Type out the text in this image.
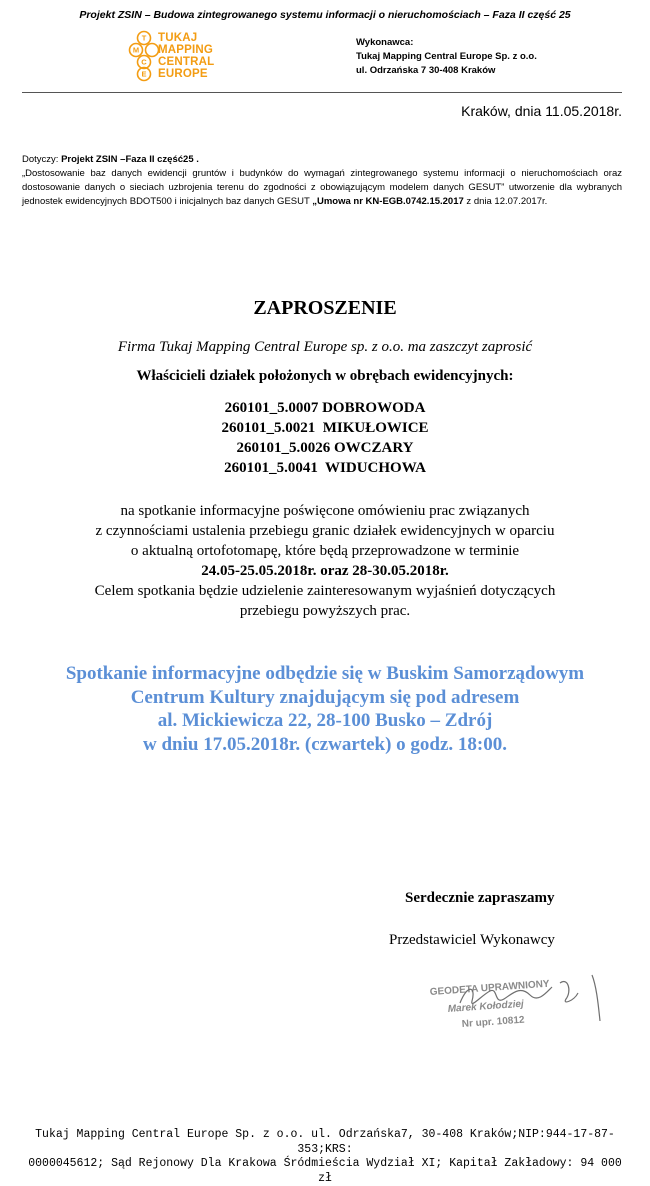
Projekt ZSIN – Budowa zintegrowanego systemu informacji o nieruchomościach – Faza II część 25
T
M
C
E
TUKAJ
MAPPING
CENTRAL
EUROPE
Wykonawca:
Tukaj Mapping Central Europe Sp. z o.o.
ul. Odrzańska 7 30-408 Kraków
Kraków, dnia 11.05.2018r.

Dotyczy: Projekt ZSIN –Faza II część25 .

„Dostosowanie baz danych ewidencji gruntów i budynków do wymagań zintegrowanego systemu informacji o nieruchomościach oraz dostosowanie danych o sieciach uzbrojenia terenu do zgodności z obowiązującym modelem danych GESUT” utworzenie dla wybranych jednostek ewidencyjnych BDOT500 i inicjalnych baz danych GESUT „Umowa nr KN-EGB.0742.15.2017 z dnia 12.07.2017r.

ZAPROSZENIE
Firma Tukaj Mapping Central Europe sp. z o.o. ma zaszczyt zaprosić
Właścicieli działek położonych w obrębach ewidencyjnych:
260101_5.0007 DOBROWODA
260101_5.0021  MIKUŁOWICE
260101_5.0026 OWCZARY
260101_5.0041  WIDUCHOWA
na spotkanie informacyjne poświęcone omówieniu prac związanych
z czynnościami ustalenia przebiegu granic działek ewidencyjnych w oparciu
o aktualną ortofotomapę, które będą przeprowadzone w terminie
24.05-25.05.2018r. oraz 28-30.05.2018r.
Celem spotkania będzie udzielenie zainteresowanym wyjaśnień dotyczących
przebiegu powyższych prac.
Spotkanie informacyjne odbędzie się w Buskim Samorządowym
Centrum Kultury znajdującym się pod adresem
al. Mickiewicza 22, 28-100 Busko – Zdrój
w dniu 17.05.2018r. (czwartek) o godz. 18:00.
Serdecznie zapraszamy
Przedstawiciel Wykonawcy
GEODETA UPRAWNIONY
Marek Kołodziej
Nr upr. 10812
Tukaj Mapping Central Europe Sp. z o.o. ul. Odrzańska7, 30-408 Kraków;NIP:944-17-87-353;KRS:
0000045612; Sąd Rejonowy Dla Krakowa Śródmieścia Wydział XI; Kapitał Zakładowy: 94 000 zł
